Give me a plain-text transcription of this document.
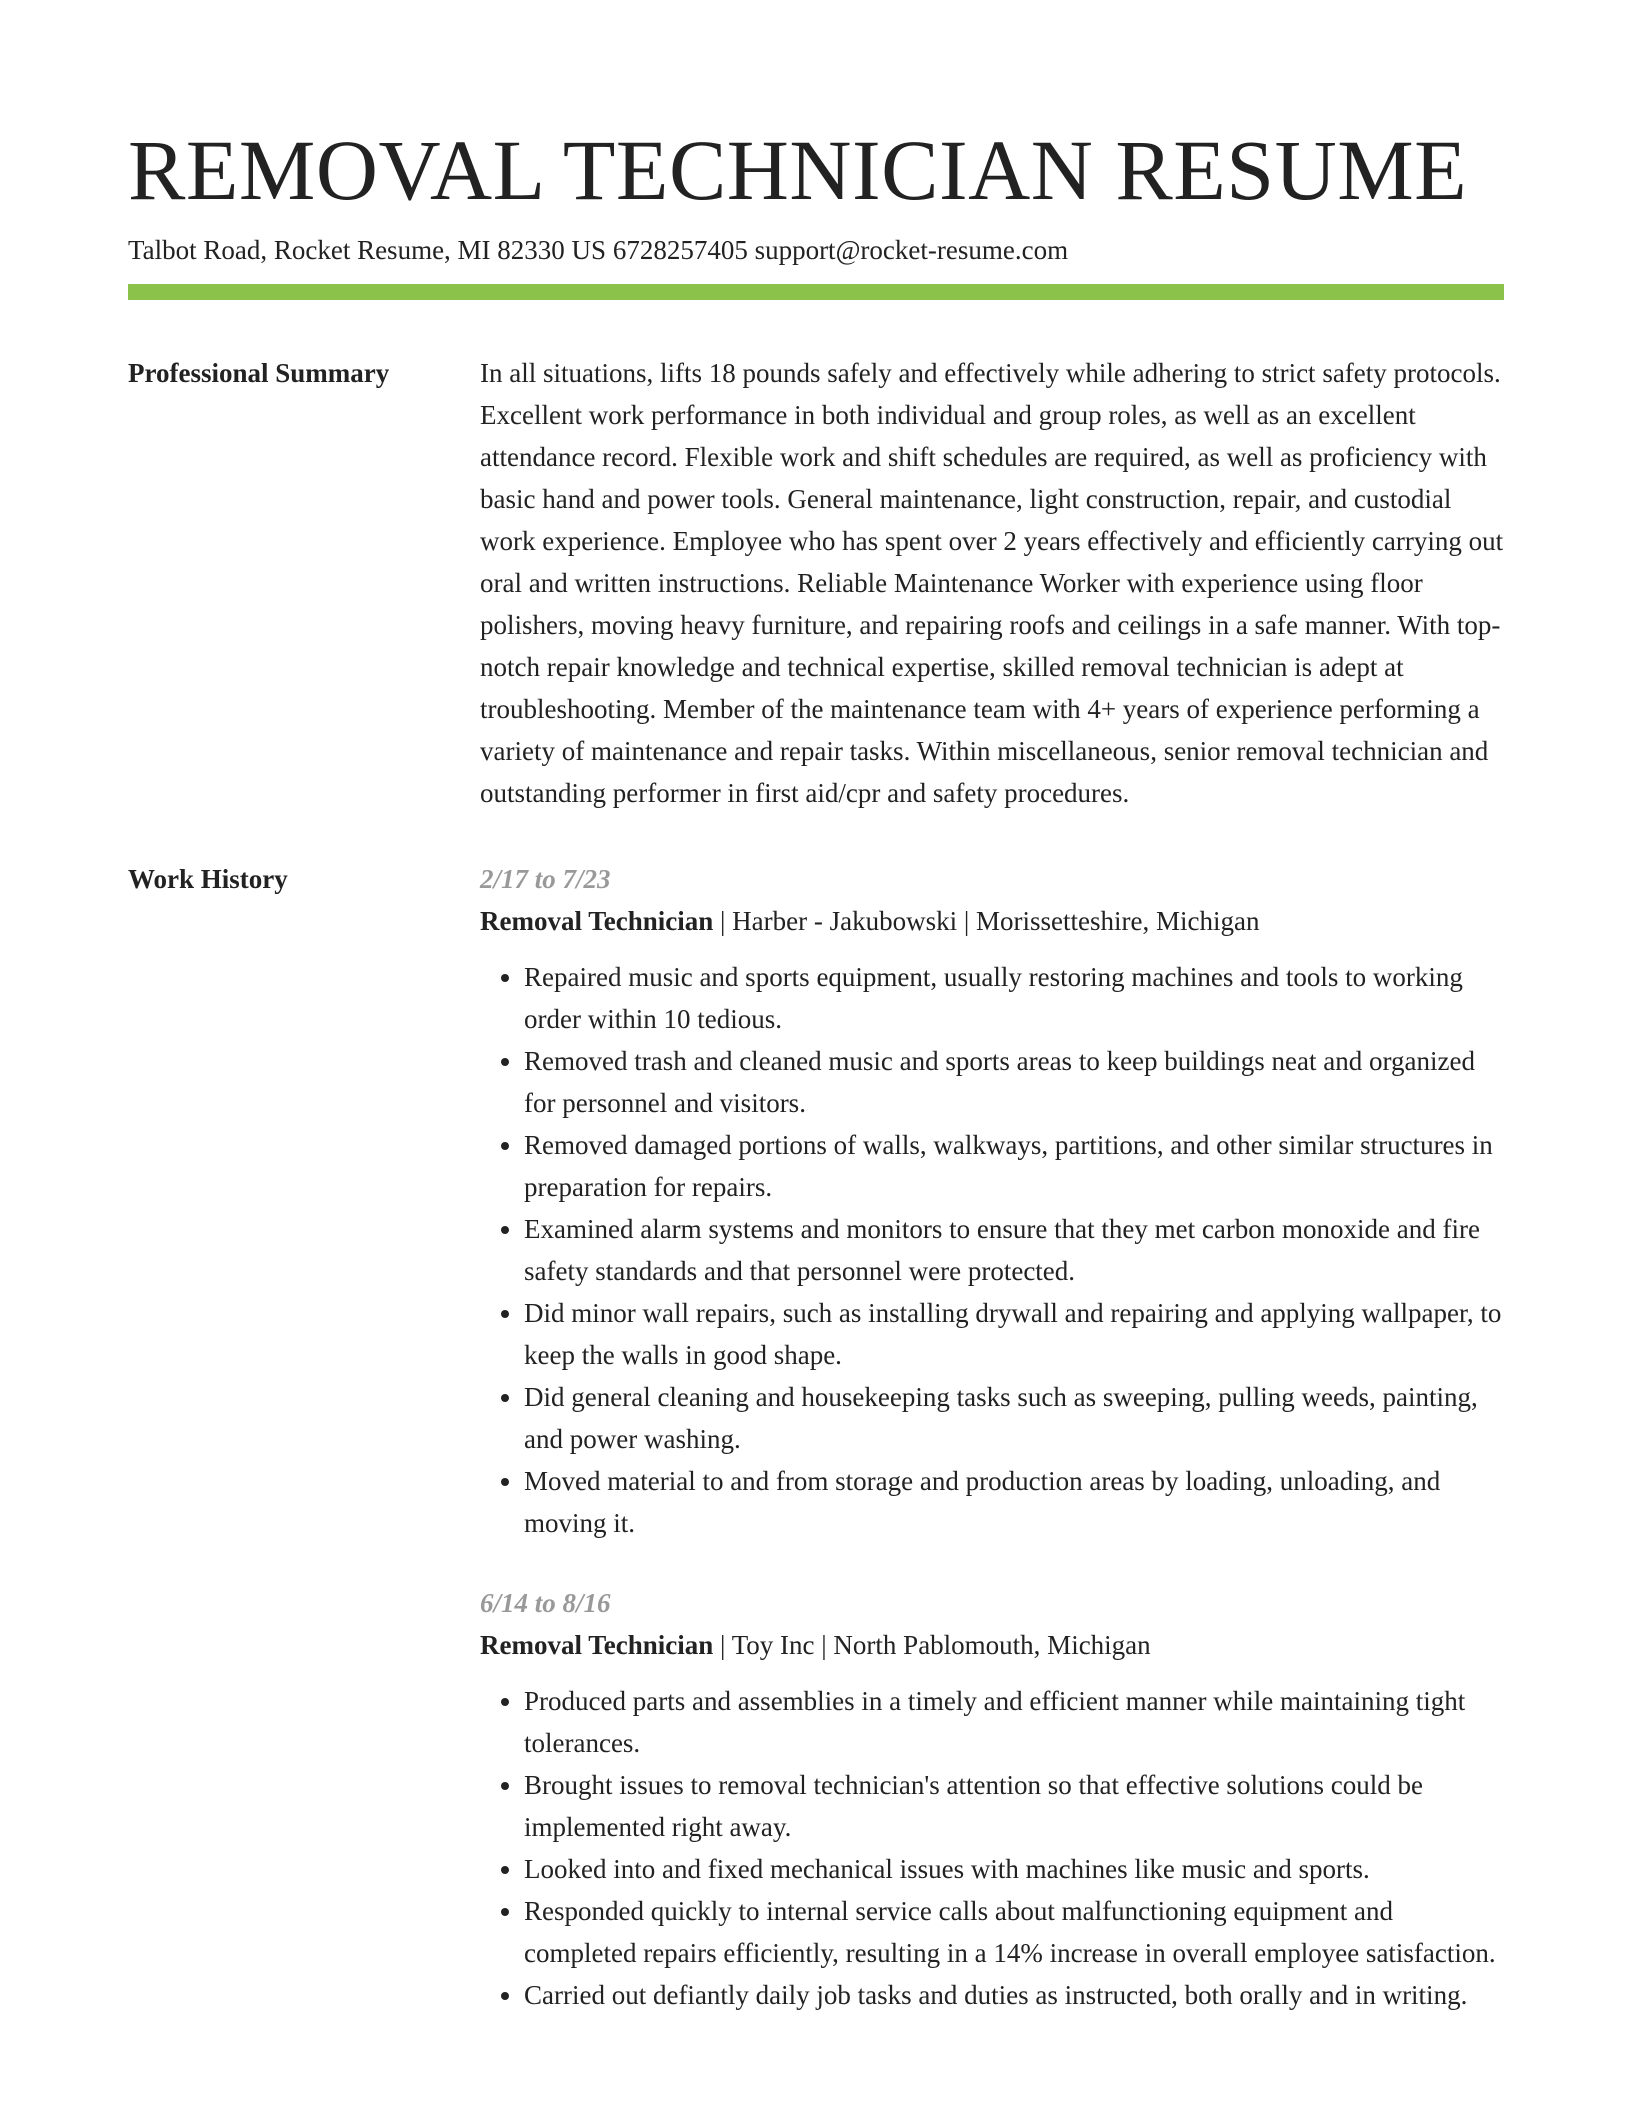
REMOVAL TECHNICIAN RESUME
Talbot Road, Rocket Resume, MI 82330 US 6728257405 support@rocket-resume.com
Professional Summary	In all situations, lifts 18 pounds safely and effectively while adhering to strict safety protocols. Excellent work performance in both individual and group roles, as well as an excellent attendance record. Flexible work and shift schedules are required, as well as proficiency with basic hand and power tools. General maintenance, light construction, repair, and custodial work experience. Employee who has spent over 2 years effectively and efficiently carrying out oral and written instructions. Reliable Maintenance Worker with experience using floor polishers, moving heavy furniture, and repairing roofs and ceilings in a safe manner. With top-notch repair knowledge and technical expertise, skilled removal technician is adept at troubleshooting. Member of the maintenance team with 4+ years of experience performing a variety of maintenance and repair tasks. Within miscellaneous, senior removal technician and outstanding performer in first aid/cpr and safety procedures.

Work History	2/17 to 7/23
Removal Technician | Harber - Jakubowski | Morissetteshire, Michigan
• Repaired music and sports equipment, usually restoring machines and tools to working order within 10 tedious.
• Removed trash and cleaned music and sports areas to keep buildings neat and organized for personnel and visitors.
• Removed damaged portions of walls, walkways, partitions, and other similar structures in preparation for repairs.
• Examined alarm systems and monitors to ensure that they met carbon monoxide and fire safety standards and that personnel were protected.
• Did minor wall repairs, such as installing drywall and repairing and applying wallpaper, to keep the walls in good shape.
• Did general cleaning and housekeeping tasks such as sweeping, pulling weeds, painting, and power washing.
• Moved material to and from storage and production areas by loading, unloading, and moving it.
6/14 to 8/16
Removal Technician | Toy Inc | North Pablomouth, Michigan
• Produced parts and assemblies in a timely and efficient manner while maintaining tight tolerances.
• Brought issues to removal technician's attention so that effective solutions could be implemented right away.
• Looked into and fixed mechanical issues with machines like music and sports.
• Responded quickly to internal service calls about malfunctioning equipment and completed repairs efficiently, resulting in a 14% increase in overall employee satisfaction.
• Carried out defiantly daily job tasks and duties as instructed, both orally and in writing.
